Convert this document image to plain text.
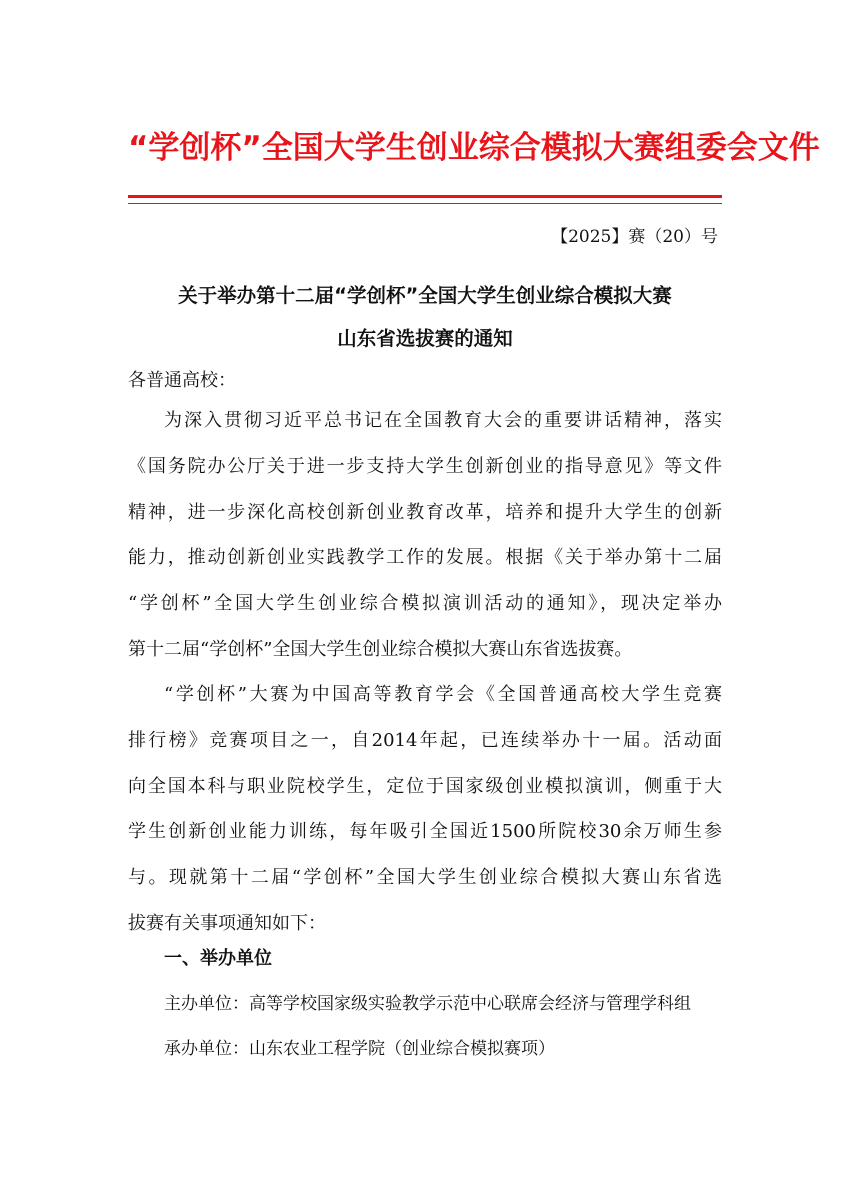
“学创杯”全国大学生创业综合模拟大赛组委会文件
【2025】赛（20）号
关于举办第十二届“学创杯”全国大学生创业综合模拟大赛
山东省选拔赛的通知
各普通高校：
为深入贯彻习近平总书记在全国教育大会的重要讲话精神，落实
《国务院办公厅关于进一步支持大学生创新创业的指导意见》等文件
精神，进一步深化高校创新创业教育改革，培养和提升大学生的创新
能力，推动创新创业实践教学工作的发展。根据《关于举办第十二届
“学创杯”全国大学生创业综合模拟演训活动的通知》，现决定举办
第十二届“学创杯”全国大学生创业综合模拟大赛山东省选拔赛。
“学创杯”大赛为中国高等教育学会《全国普通高校大学生竞赛
排行榜》竞赛项目之一，自2014年起，已连续举办十一届。活动面
向全国本科与职业院校学生，定位于国家级创业模拟演训，侧重于大
学生创新创业能力训练，每年吸引全国近1500所院校30余万师生参
与。现就第十二届“学创杯”全国大学生创业综合模拟大赛山东省选
拔赛有关事项通知如下：
一、举办单位
主办单位：高等学校国家级实验教学示范中心联席会经济与管理学科组
承办单位：山东农业工程学院（创业综合模拟赛项）
